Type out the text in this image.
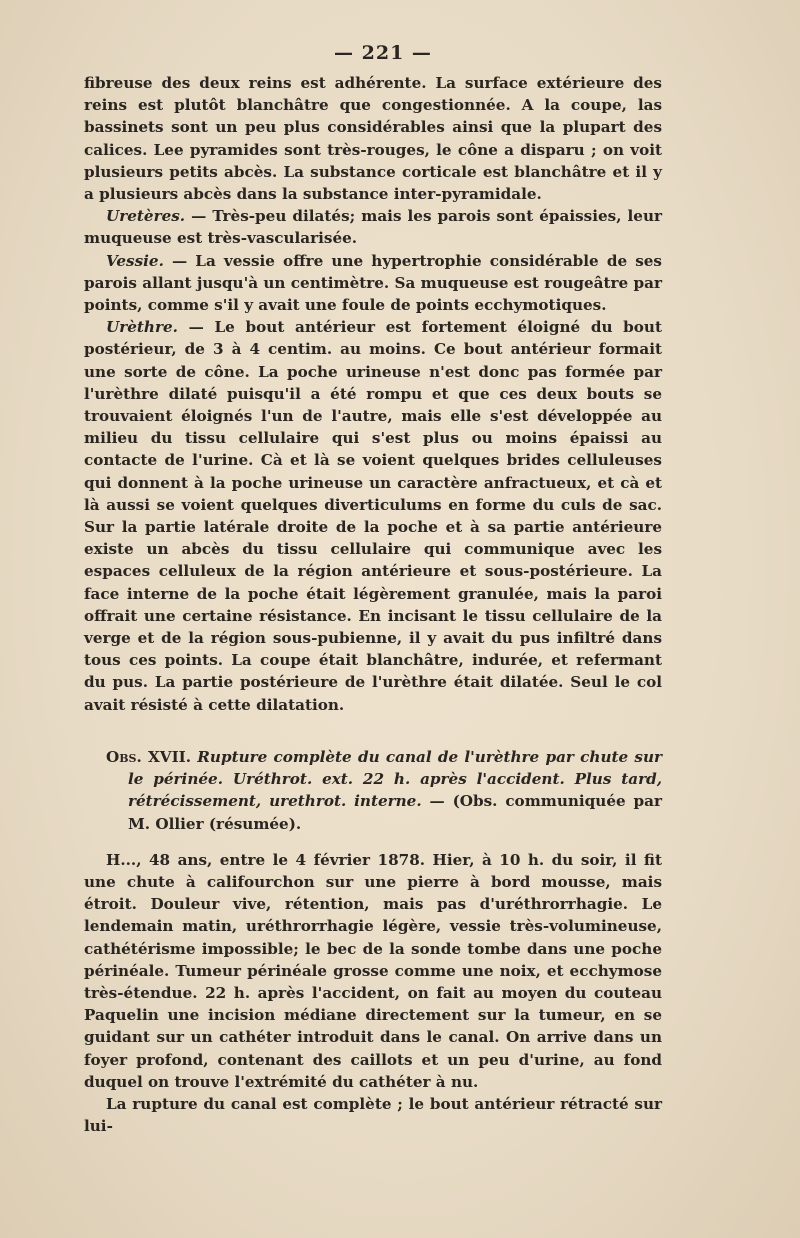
— 221 —

fibreuse des deux reins est adhérente. La surface extérieure des reins est plutôt blanchâtre que congestionnée. A la coupe, las bassinets sont un peu plus considérables ainsi que la plupart des calices. Lee pyramides sont très-rouges, le cône a disparu ; on voit plusieurs petits abcès. La substance corticale est blanchâtre et il y a plusieurs abcès dans la substance inter-pyramidale.

Uretères. — Très-peu dilatés; mais les parois sont épaissies, leur muqueuse est très-vascularisée.

Vessie. — La vessie offre une hypertrophie considérable de ses parois allant jusqu'à un centimètre. Sa muqueuse est rougeâtre par points, comme s'il y avait une foule de points ecchymotiques.

Urèthre. — Le bout antérieur est fortement éloigné du bout postérieur, de 3 à 4 centim. au moins. Ce bout antérieur formait une sorte de cône. La poche urineuse n'est donc pas formée par l'urèthre dilaté puisqu'il a été rompu et que ces deux bouts se trouvaient éloignés l'un de l'autre, mais elle s'est développée au milieu du tissu cellulaire qui s'est plus ou moins épaissi au contacte de l'urine. Cà et là se voient quelques brides celluleuses qui donnent à la poche urineuse un caractère anfractueux, et cà et là aussi se voient quelques diverticulums en forme du culs de sac. Sur la partie latérale droite de la poche et à sa partie antérieure existe un abcès du tissu cellulaire qui communique avec les espaces celluleux de la région antérieure et sous-postérieure. La face interne de la poche était légèrement granulée, mais la paroi offrait une certaine résistance. En incisant le tissu cellulaire de la verge et de la région sous-pubienne, il y avait du pus infiltré dans tous ces points. La coupe était blanchâtre, indurée, et refermant du pus. La partie postérieure de l'urèthre était dilatée. Seul le col avait résisté à cette dilatation.

Obs. XVII. Rupture complète du canal de l'urèthre par chute sur le périnée. Uréthrot. ext. 22 h. après l'accident. Plus tard, rétrécissement, urethrot. interne. — (Obs. communiquée par M. Ollier (résumée).

H..., 48 ans, entre le 4 février 1878. Hier, à 10 h. du soir, il fit une chute à califourchon sur une pierre à bord mousse, mais étroit. Douleur vive, rétention, mais pas d'uréthrorrhagie. Le lendemain matin, uréthrorrhagie légère, vessie très-volumineuse, cathétérisme impossible; le bec de la sonde tombe dans une poche périnéale. Tumeur périnéale grosse comme une noix, et ecchymose très-étendue. 22 h. après l'accident, on fait au moyen du couteau Paquelin une incision médiane directement sur la tumeur, en se guidant sur un cathéter introduit dans le canal. On arrive dans un foyer profond, contenant des caillots et un peu d'urine, au fond duquel on trouve l'extrémité du cathéter à nu.

La rupture du canal est complète ; le bout antérieur rétracté sur lui-
